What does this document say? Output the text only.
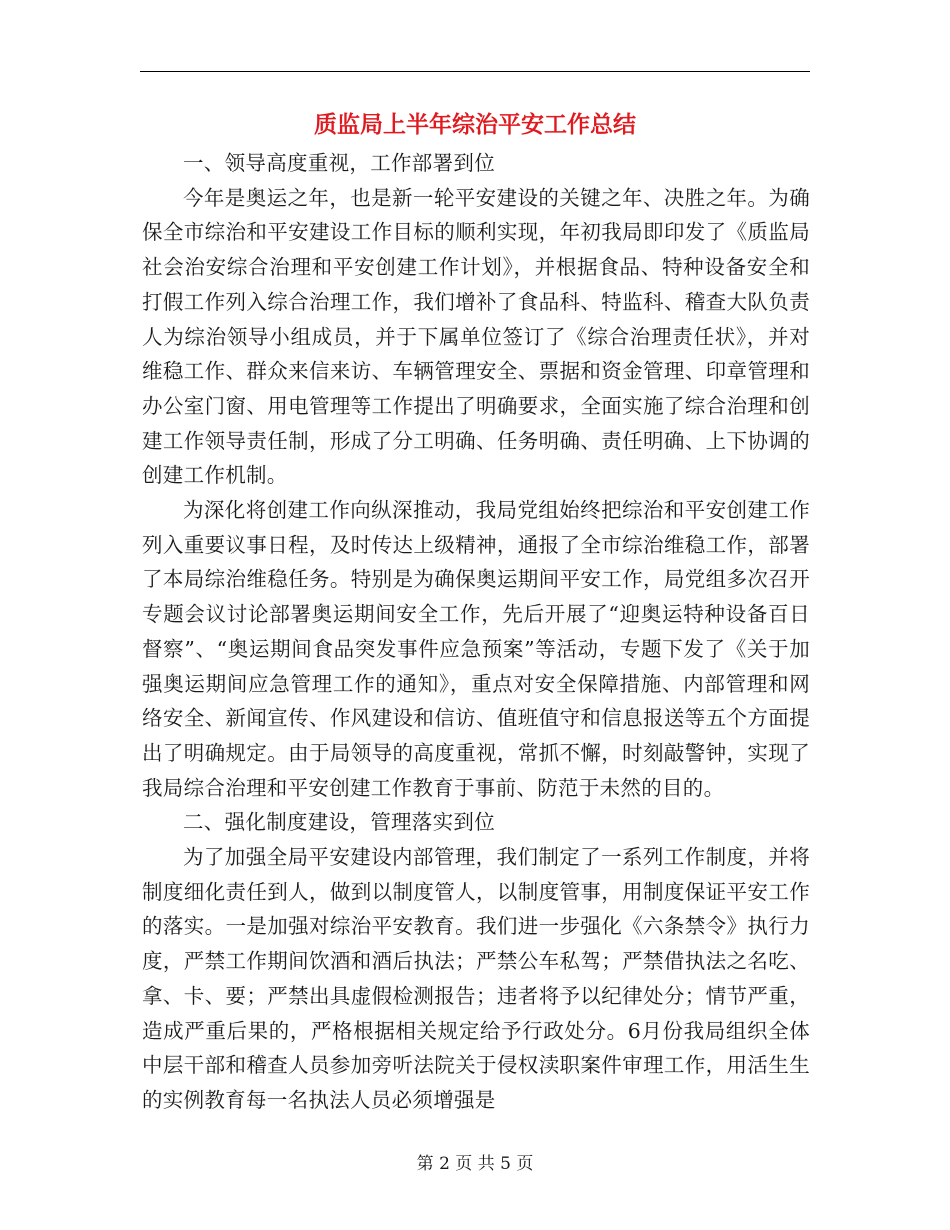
质监局上半年综治平安工作总结

一、领导高度重视，工作部署到位

今年是奥运之年，也是新一轮平安建设的关键之年、决胜之年。为确保全市综治和平安建设工作目标的顺利实现，年初我局即印发了《质监局社会治安综合治理和平安创建工作计划》，并根据食品、特种设备安全和打假工作列入综合治理工作，我们增补了食品科、特监科、稽查大队负责人为综治领导小组成员，并于下属单位签订了《综合治理责任状》，并对维稳工作、群众来信来访、车辆管理安全、票据和资金管理、印章管理和办公室门窗、用电管理等工作提出了明确要求，全面实施了综合治理和创建工作领导责任制，形成了分工明确、任务明确、责任明确、上下协调的创建工作机制。

为深化将创建工作向纵深推动，我局党组始终把综治和平安创建工作列入重要议事日程，及时传达上级精神，通报了全市综治维稳工作，部署了本局综治维稳任务。特别是为确保奥运期间平安工作，局党组多次召开专题会议讨论部署奥运期间安全工作，先后开展了“迎奥运特种设备百日督察”、“奥运期间食品突发事件应急预案”等活动，专题下发了《关于加强奥运期间应急管理工作的通知》，重点对安全保障措施、内部管理和网络安全、新闻宣传、作风建设和信访、值班值守和信息报送等五个方面提出了明确规定。由于局领导的高度重视，常抓不懈，时刻敲警钟，实现了我局综合治理和平安创建工作教育于事前、防范于未然的目的。

二、强化制度建设，管理落实到位

为了加强全局平安建设内部管理，我们制定了一系列工作制度，并将制度细化责任到人，做到以制度管人，以制度管事，用制度保证平安工作的落实。一是加强对综治平安教育。我们进一步强化《六条禁令》执行力度，严禁工作期间饮酒和酒后执法；严禁公车私驾；严禁借执法之名吃、拿、卡、要；严禁出具虚假检测报告；违者将予以纪律处分；情节严重，造成严重后果的，严格根据相关规定给予行政处分。6月份我局组织全体中层干部和稽查人员参加旁听法院关于侵权渎职案件审理工作，用活生生的实例教育每一名执法人员必须增强是

第 2 页 共 5 页
